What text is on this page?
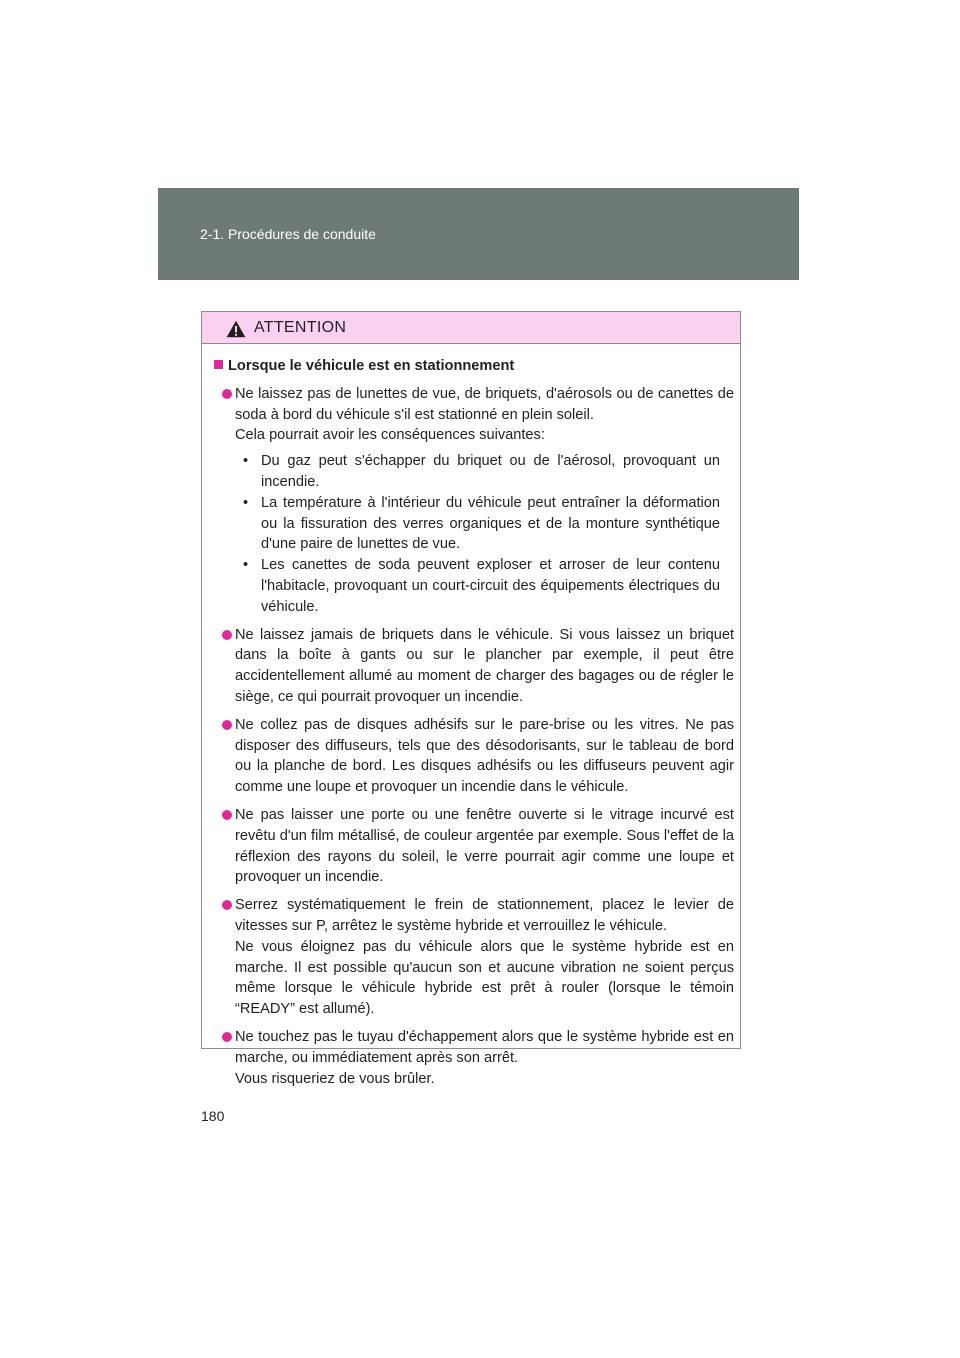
2-1. Procédures de conduite
ATTENTION
Lorsque le véhicule est en stationnement
Ne laissez pas de lunettes de vue, de briquets, d'aérosols ou de canettes de soda à bord du véhicule s'il est stationné en plein soleil.
Cela pourrait avoir les conséquences suivantes:
• Du gaz peut s'échapper du briquet ou de l'aérosol, provoquant un incendie.
• La température à l'intérieur du véhicule peut entraîner la déformation ou la fissuration des verres organiques et de la monture synthétique d'une paire de lunettes de vue.
• Les canettes de soda peuvent exploser et arroser de leur contenu l'habitacle, provoquant un court-circuit des équipements électriques du véhicule.
Ne laissez jamais de briquets dans le véhicule. Si vous laissez un briquet dans la boîte à gants ou sur le plancher par exemple, il peut être accidentellement allumé au moment de charger des bagages ou de régler le siège, ce qui pourrait provoquer un incendie.
Ne collez pas de disques adhésifs sur le pare-brise ou les vitres. Ne pas disposer des diffuseurs, tels que des désodorisants, sur le tableau de bord ou la planche de bord. Les disques adhésifs ou les diffuseurs peuvent agir comme une loupe et provoquer un incendie dans le véhicule.
Ne pas laisser une porte ou une fenêtre ouverte si le vitrage incurvé est revêtu d'un film métallisé, de couleur argentée par exemple. Sous l'effet de la réflexion des rayons du soleil, le verre pourrait agir comme une loupe et provoquer un incendie.
Serrez systématiquement le frein de stationnement, placez le levier de vitesses sur P, arrêtez le système hybride et verrouillez le véhicule.
Ne vous éloignez pas du véhicule alors que le système hybride est en marche. Il est possible qu'aucun son et aucune vibration ne soient perçus même lorsque le véhicule hybride est prêt à rouler (lorsque le témoin “READY” est allumé).
Ne touchez pas le tuyau d'échappement alors que le système hybride est en marche, ou immédiatement après son arrêt.
Vous risqueriez de vous brûler.
180
